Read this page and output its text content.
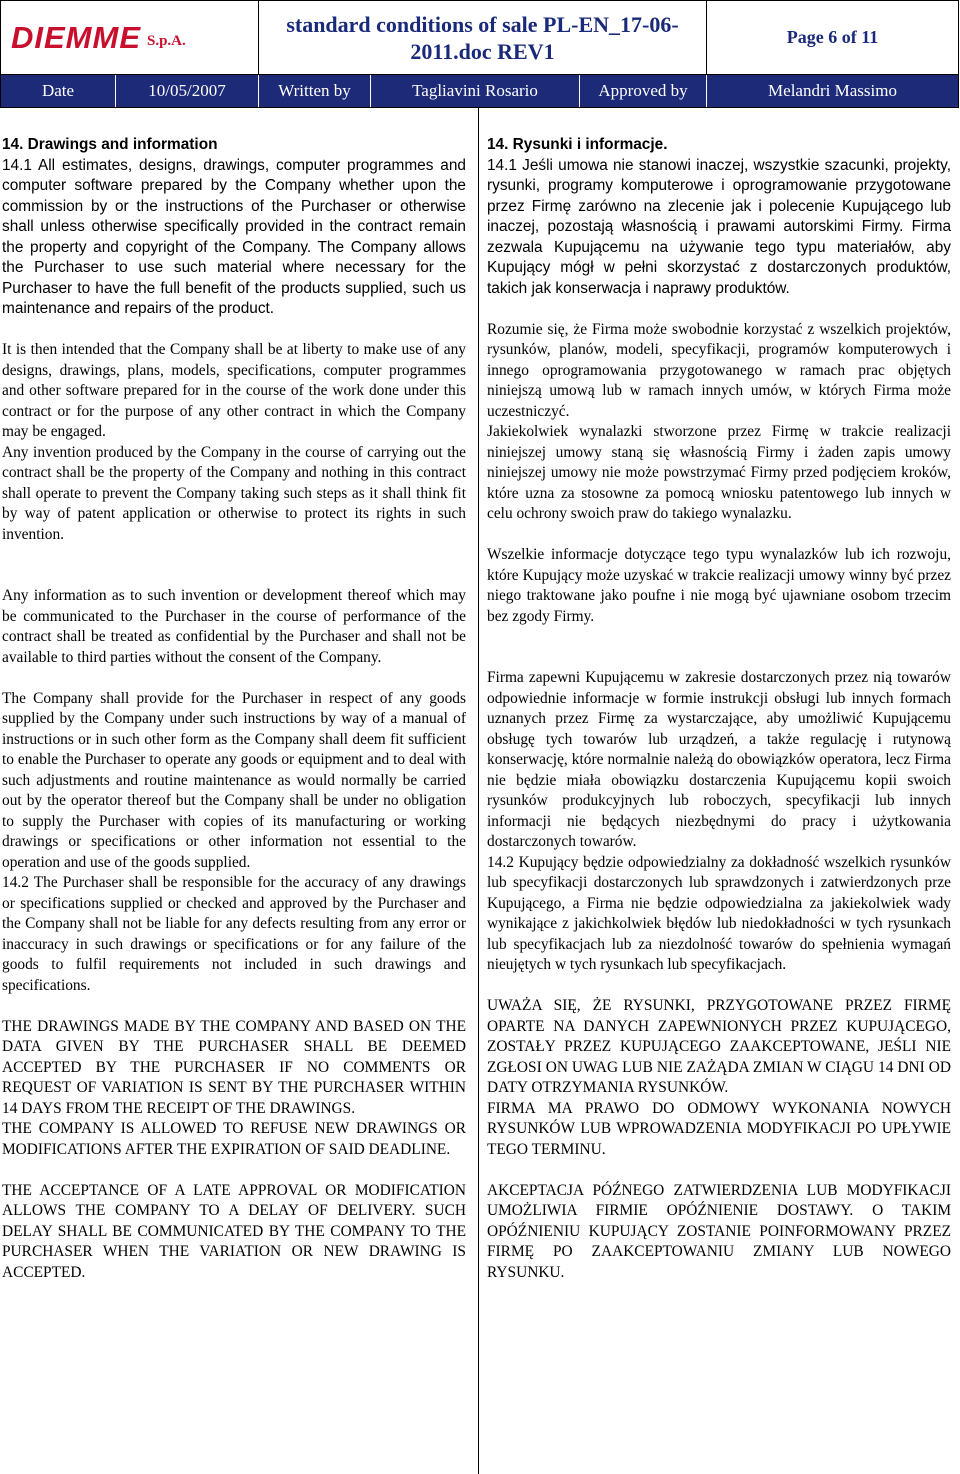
DIEMME S.p.A.
standard conditions of sale PL-EN_17-06-2011.doc REV1
Page 6 of 11
Date	10/05/2007	Written by	Tagliavini Rosario	Approved by	Melandri Massimo
14. Drawings and information

14.1 All estimates, designs, drawings, computer programmes and computer software prepared by the Company whether upon the commission by or the instructions of the Purchaser or otherwise shall unless otherwise specifically provided in the contract remain the property and copyright of the Company. The Company allows the Purchaser to use such material where necessary for the Purchaser to have the full benefit of the products supplied, such us maintenance and repairs of the product.

It is then intended that the Company shall be at liberty to make use of any designs, drawings, plans, models, specifications, computer programmes and other software prepared for in the course of the work done under this contract or for the purpose of any other contract in which the Company may be engaged.

Any invention produced by the Company in the course of carrying out the contract shall be the property of the Company and nothing in this contract shall operate to prevent the Company taking such steps as it shall think fit by way of patent application or otherwise to protect its rights in such invention.

Any information as to such invention or development thereof which may be communicated to the Purchaser in the course of performance of the contract shall be treated as confidential by the Purchaser and shall not be available to third parties without the consent of the Company.

The Company shall provide for the Purchaser in respect of any goods supplied by the Company under such instructions by way of a manual of instructions or in such other form as the Company shall deem fit sufficient to enable the Purchaser to operate any goods or equipment and to deal with such adjustments and routine maintenance as would normally be carried out by the operator thereof but the Company shall be under no obligation to supply the Purchaser with copies of its manufacturing or working drawings or specifications or other information not essential to the operation and use of the goods supplied.

14.2 The Purchaser shall be responsible for the accuracy of any drawings or specifications supplied or checked and approved by the Purchaser and the Company shall not be liable for any defects resulting from any error or inaccuracy in such drawings or specifications or for any failure of the goods to fulfil requirements not included in such drawings and specifications.

THE DRAWINGS MADE BY THE COMPANY AND BASED ON THE DATA GIVEN BY THE PURCHASER SHALL BE DEEMED ACCEPTED BY THE PURCHASER IF NO COMMENTS OR REQUEST OF VARIATION IS SENT BY THE PURCHASER WITHIN 14 DAYS FROM THE RECEIPT OF THE DRAWINGS.

THE COMPANY IS ALLOWED TO REFUSE NEW DRAWINGS OR MODIFICATIONS AFTER THE EXPIRATION OF SAID DEADLINE.

THE ACCEPTANCE OF A LATE APPROVAL OR MODIFICATION ALLOWS THE COMPANY TO A DELAY OF DELIVERY. SUCH DELAY SHALL BE COMMUNICATED BY THE COMPANY TO THE PURCHASER WHEN THE VARIATION OR NEW DRAWING IS ACCEPTED.

14. Rysunki i informacje.

14.1 Jeśli umowa nie stanowi inaczej, wszystkie szacunki, projekty, rysunki, programy komputerowe i oprogramowanie przygotowane przez Firmę zarówno na zlecenie jak i polecenie Kupującego lub inaczej, pozostają własnością i prawami autorskimi Firmy. Firma zezwala Kupującemu na używanie tego typu materiałów, aby Kupujący mógł w pełni skorzystać z dostarczonych produktów, takich jak konserwacja i naprawy produktów.

Rozumie się, że Firma może swobodnie korzystać z wszelkich projektów, rysunków, planów, modeli, specyfikacji, programów komputerowych i innego oprogramowania przygotowanego w ramach prac objętych niniejszą umową lub w ramach innych umów, w których Firma może uczestniczyć.

Jakiekolwiek wynalazki stworzone przez Firmę w trakcie realizacji niniejszej umowy staną się własnością Firmy i żaden zapis umowy niniejszej umowy nie może powstrzymać Firmy przed podjęciem kroków, które uzna za stosowne za pomocą wniosku patentowego lub innych w celu ochrony swoich praw do takiego wynalazku.

Wszelkie informacje dotyczące tego typu wynalazków lub ich rozwoju, które Kupujący może uzyskać w trakcie realizacji umowy winny być przez niego traktowane jako poufne i nie mogą być ujawniane osobom trzecim bez zgody Firmy.

Firma zapewni Kupującemu w zakresie dostarczonych przez nią towarów odpowiednie informacje w formie instrukcji obsługi lub innych formach uznanych przez Firmę za wystarczające, aby umożliwić Kupującemu obsługę tych towarów lub urządzeń, a także regulację i rutynową konserwację, które normalnie należą do obowiązków operatora, lecz Firma nie będzie miała obowiązku dostarczenia Kupującemu kopii swoich rysunków produkcyjnych lub roboczych, specyfikacji lub innych informacji nie będących niezbędnymi do pracy i użytkowania dostarczonych towarów.

14.2 Kupujący będzie odpowiedzialny za dokładność wszelkich rysunków lub specyfikacji dostarczonych lub sprawdzonych i zatwierdzonych prze Kupującego, a Firma nie będzie odpowiedzialna za jakiekolwiek wady wynikające z jakichkolwiek błędów lub niedokładności w tych rysunkach lub specyfikacjach lub za niezdolność towarów do spełnienia wymagań nieujętych w tych rysunkach lub specyfikacjach.

UWAŻA SIĘ, ŻE RYSUNKI, PRZYGOTOWANE PRZEZ FIRMĘ OPARTE NA DANYCH ZAPEWNIONYCH PRZEZ KUPUJĄCEGO, ZOSTAŁY PRZEZ KUPUJĄCEGO ZAAKCEPTOWANE, JEŚLI NIE ZGŁOSI ON UWAG LUB NIE ZAŻĄDA ZMIAN W CIĄGU 14 DNI OD DATY OTRZYMANIA RYSUNKÓW.

FIRMA MA PRAWO DO ODMOWY WYKONANIA NOWYCH RYSUNKÓW LUB WPROWADZENIA MODYFIKACJI PO UPŁYWIE TEGO TERMINU.

AKCEPTACJA PÓŹNEGO ZATWIERDZENIA LUB MODYFIKACJI UMOŻLIWIA FIRMIE OPÓŹNIENIE DOSTAWY. O TAKIM OPÓŹNIENIU KUPUJĄCY ZOSTANIE POINFORMOWANY PRZEZ FIRMĘ PO ZAAKCEPTOWANIU ZMIANY LUB NOWEGO RYSUNKU.
